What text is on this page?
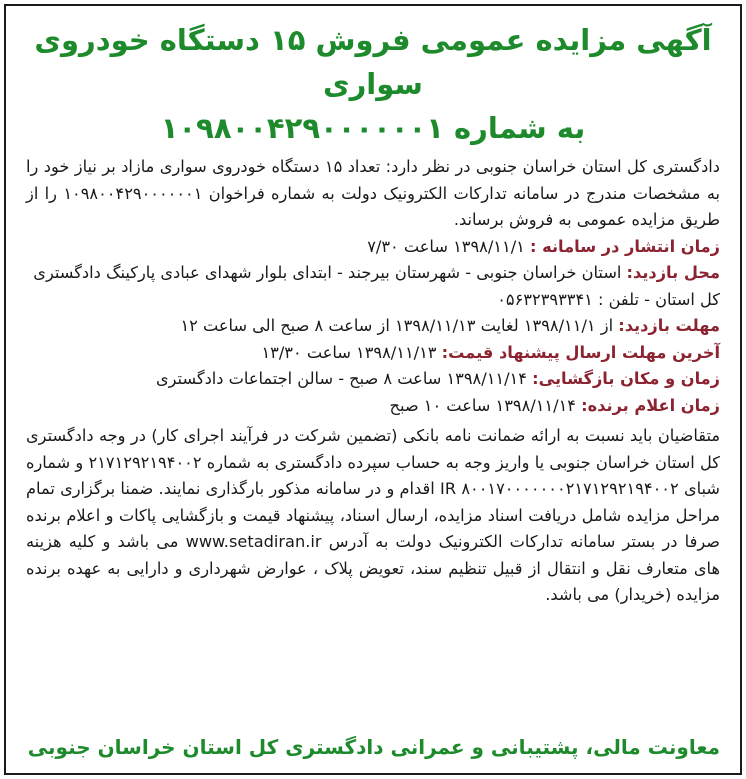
آگهی مزایده عمومی فروش ۱۵ دستگاه خودروی سواری
به شماره ۱۰۹۸۰۰۴۲۹۰۰۰۰۰۰۱

دادگستری کل استان خراسان جنوبی در نظر دارد: تعداد ۱۵ دستگاه خودروی سواری مازاد بر نیاز خود را به مشخصات مندرج در سامانه تدارکات الکترونیک دولت به شماره فراخوان ۱۰۹۸۰۰۴۲۹۰۰۰۰۰۰۱ را از طریق مزایده عمومی به فروش برساند.

زمان انتشار در سامانه : ۱۳۹۸/۱۱/۱ ساعت ۷/۳۰

محل بازدید: استان خراسان جنوبی - شهرستان بیرجند - ابتدای بلوار شهدای عبادی پارکینگ دادگستری کل استان - تلفن : ۰۵۶۳۲۳۹۳۳۴۱

مهلت بازدید: از ۱۳۹۸/۱۱/۱ لغایت ۱۳۹۸/۱۱/۱۳ از ساعت ۸ صبح الی ساعت ۱۲

آخرین مهلت ارسال پیشنهاد قیمت: ۱۳۹۸/۱۱/۱۳ ساعت ۱۳/۳۰

زمان و مکان بازگشایی: ۱۳۹۸/۱۱/۱۴ ساعت ۸ صبح - سالن اجتماعات دادگستری

زمان اعلام برنده: ۱۳۹۸/۱۱/۱۴ ساعت ۱۰ صبح

متقاضیان باید نسبت به ارائه ضمانت نامه بانکی (تضمین شرکت در فرآیند اجرای کار) در وجه دادگستری کل استان خراسان جنوبی یا واریز وجه به حساب سپرده دادگستری به شماره ۲۱۷۱۲۹۲۱۹۴۰۰۲ و شماره شبای IR ۸۰۰۱۷۰۰۰۰۰۰۰۲۱۷۱۲۹۲۱۹۴۰۰۲ اقدام و در سامانه مذکور بارگذاری نمایند. ضمنا برگزاری تمام مراحل مزایده شامل دریافت اسناد مزایده، ارسال اسناد، پیشنهاد قیمت و بازگشایی پاکات و اعلام برنده صرفا در بستر سامانه تدارکات الکترونیک دولت به آدرس www.setadiran.ir می باشد و کلیه هزینه های متعارف نقل و انتقال از قبیل تنظیم سند، تعویض پلاک ، عوارض شهرداری و دارایی به عهده برنده مزایده (خریدار) می باشد.

معاونت مالی، پشتیبانی و عمرانی دادگستری کل استان خراسان جنوبی
